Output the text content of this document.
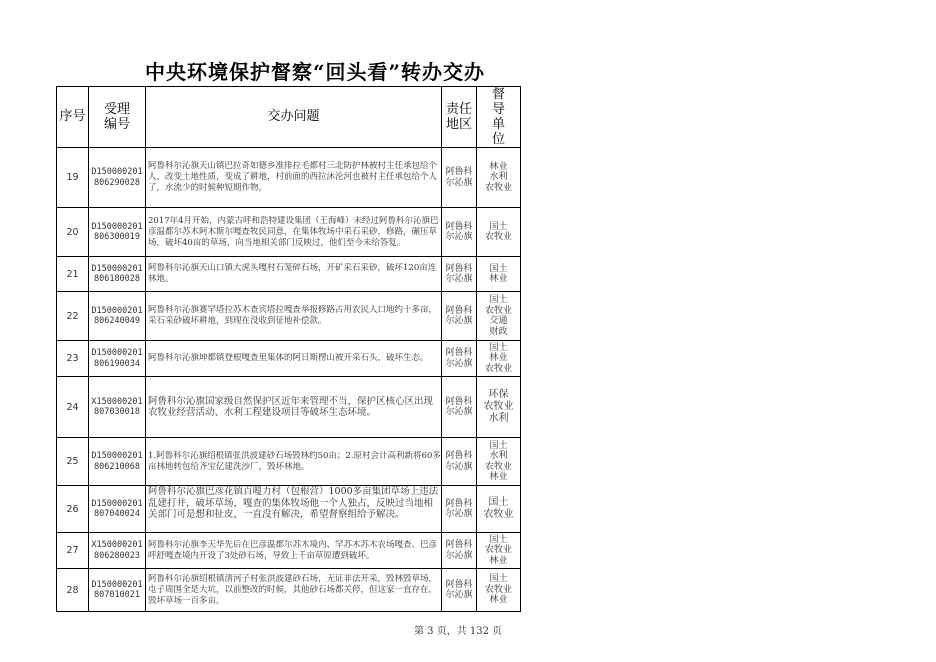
中央环境保护督察“回头看”转办交办
序号	受理编号	交办问题	责任地区	督导单位
19	D150000201806290028	阿鲁科尔沁旗天山镇巴拉奇如德乡准排拉毛都村三北防护林被村主任承包给个人，改变土地性质，变成了耕地，村前面的西拉沐沦河也被村主任承包给个人了，水流少的时候种短期作物。	阿鲁科尔沁旗	林业
水利
农牧业
20	D150000201806300019	2017年4月开始，内蒙古呼和浩特建设集团（王海峰）未经过阿鲁科尔沁旗巴彦温都尔苏木阿木斯尔嘎查牧民同意，在集体牧场中采石采砂，修路，碾压草场，破坏40亩的草场，向当地相关部门反映过，他们至今未给答复。	阿鲁科尔沁旗	国土
农牧业
21	D150000201806180028	阿鲁科尔沁旗天山口镇大虎头嘎村石笼碎石场，开矿采石采砂，破坏120亩连林地。	阿鲁科尔沁旗	国土
林业
22	D150000201806240049	阿鲁科尔沁旗赛罕塔拉苏木查宾塔拉嘎查举报修路占用农民人口地约十多亩，采石采砂破坏耕地，到现在没收到征地补偿款。	阿鲁科尔沁旗	国土
农牧业
交通
财政
23	D150000201806190034	阿鲁科尔沁旗坤都镇登根嘎查里集体的阿日斯楞山被开采石头，破坏生态。	阿鲁科尔沁旗	国土
林业
农牧业
24	X150000201807030018	阿鲁科尔沁旗国家级自然保护区近年来管理不当，保护区核心区出现农牧业经营活动、水利工程建设项目等破坏生态环境。	阿鲁科尔沁旗	环保
农牧业
水利
25	D150000201806210068	1.阿鲁科尔沁旗绍根镇张洪波建砂石场毁林约50亩；2.原村会计高利新将60多亩林地转包给齐宝亿建洗沙厂，毁坏林地。	阿鲁科尔沁旗	国土
水利
农牧业
林业
26	D150000201807040024	阿鲁科尔沁旗巴彦花镇百嘎力村（包根营）1000多亩集团草场上违法乱建打井，破坏草场，嘎查的集体牧场他一个人独占，反映过当地相关部门可是想和扯皮，一直没有解决，希望督察组给予解决。	阿鲁科尔沁旗	国土
农牧业
27	X150000201806280023	阿鲁科尔沁旗李天华先后在巴彦温都尔苏木境内、罕苏木苏木农场嘎查、巴彦呼舒嘎查境内开设了3处砂石场，导致上千亩草原遭到破坏。	阿鲁科尔沁旗	国土
农牧业
林业
28	D150000201807010021	阿鲁科尔沁旗绍根镇清河子村张洪波建砂石场，无证非法开采，毁林毁草场，屯子周围全是大坑，以前整改的时候，其他砂石场都关停，但这家一直存在，毁坏草场一百多亩。	阿鲁科尔沁旗	国土
农牧业
林业
第 3 页，共 132 页
